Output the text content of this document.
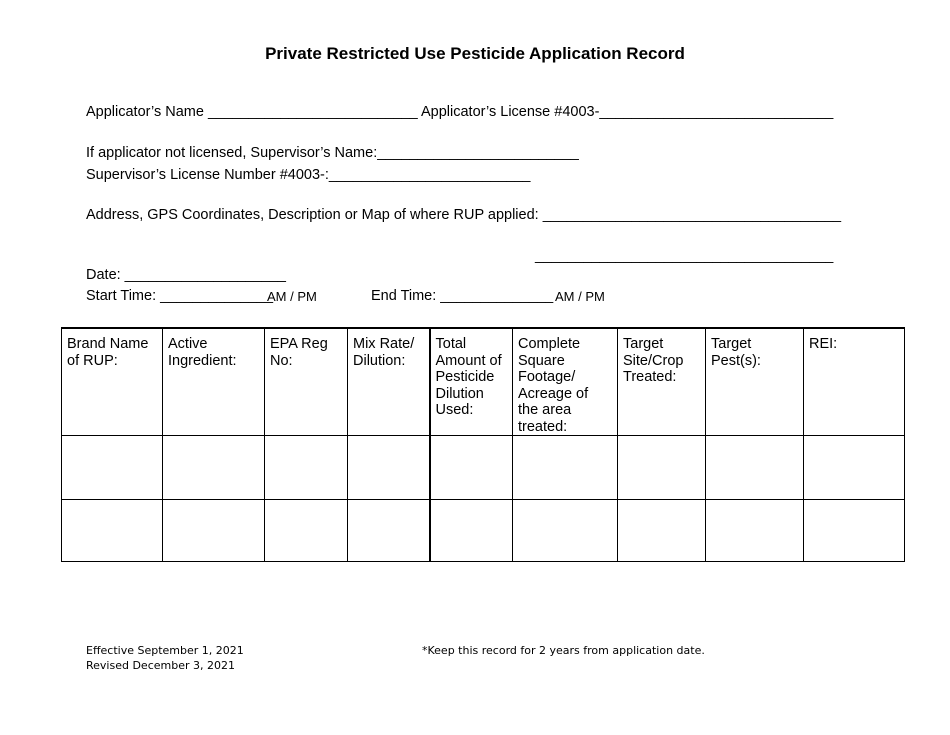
Private Restricted Use Pesticide Application Record
Applicator’s Name __________________________ Applicator’s License #4003-_____________________________
If applicator not licensed, Supervisor’s Name:_________________________
Supervisor’s License Number #4003-:_________________________
Address, GPS Coordinates, Description or Map of where RUP applied: _____________________________________
_____________________________________
Date: ____________________
Start Time: ______________
AM / PM	End Time: ______________ AM / PM
Brand Name of RUP:	Active Ingredient:	EPA Reg No:	Mix Rate/ Dilution:	Total Amount of Pesticide Dilution Used:	Complete Square Footage/ Acreage of the area treated:	Target Site/Crop Treated:	Target Pest(s):	REI:

Effective September 1, 2021
Revised December 3, 2021
*Keep this record for 2 years from application date.
